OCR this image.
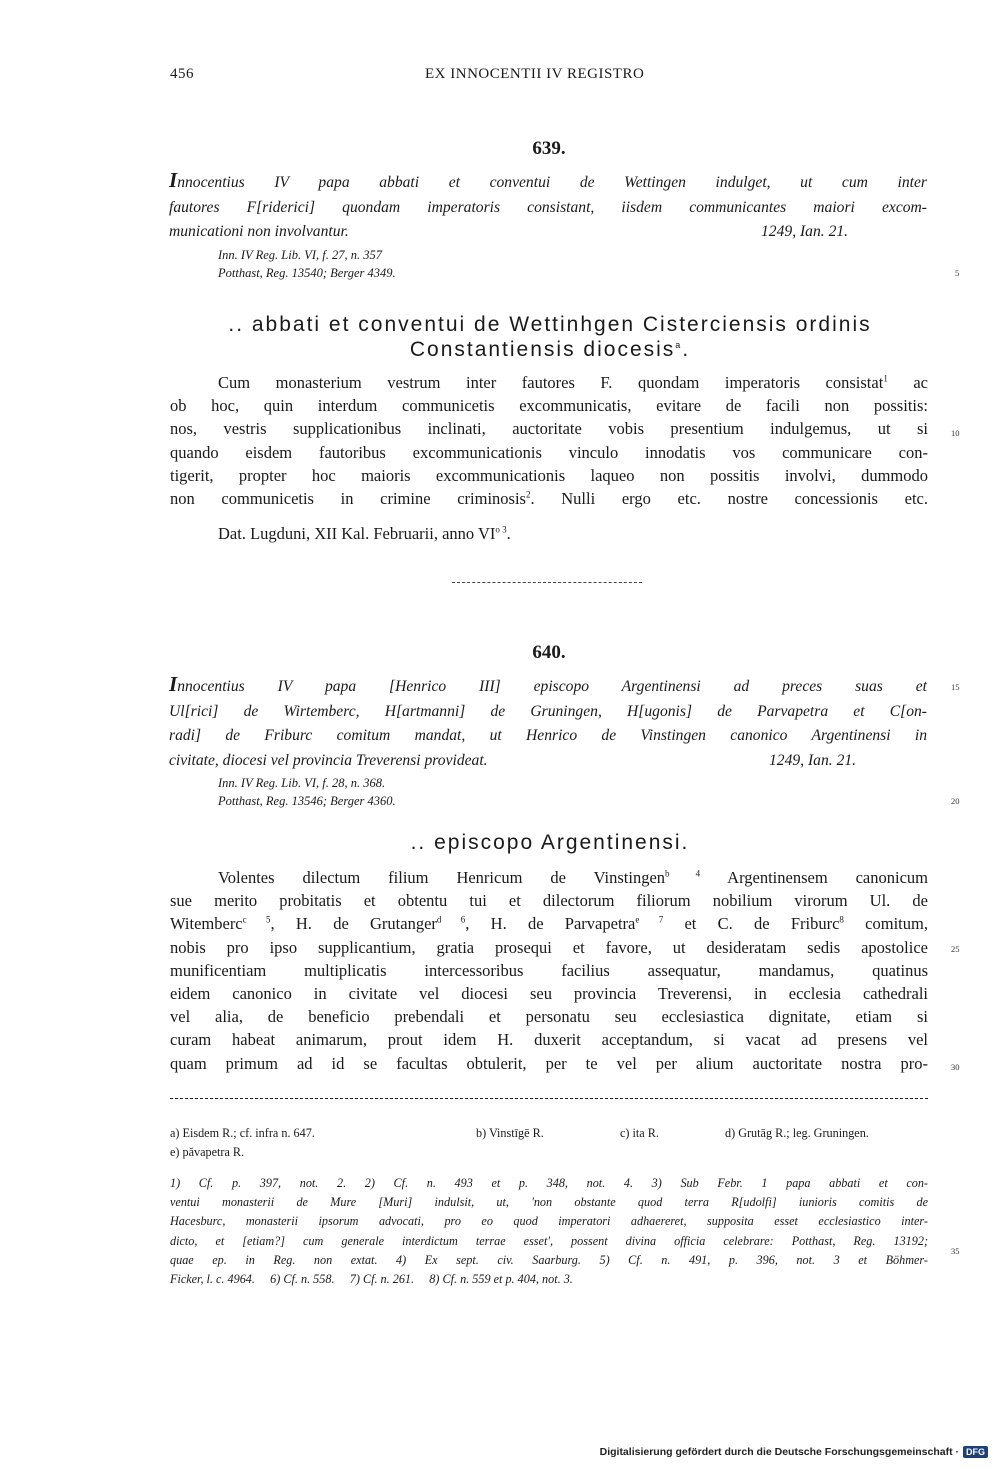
456	EX INNOCENTII IV REGISTRO
639.
Innocentius IV papa abbati et conventui de Wettingen indulget, ut cum inter
fautores F[riderici] quondam imperatoris consistant, iisdem communicantes maiori excom-
municationi non involvantur.	1249, Ian. 21.
Inn. IV Reg. Lib. VI, f. 27, n. 357
Potthast, Reg. 13540; Berger 4349.
.. abbati et conventui de Wettinhgen Cisterciensis ordinis
Constantiensis diocesis$^a$.
Cum monasterium vestrum inter fautores F. quondam imperatoris consistat$^1$ ac
ob hoc, quin interdum communicetis excommunicatis, evitare de facili non possitis:
nos, vestris supplicationibus inclinati, auctoritate vobis presentium indulgemus, ut si
quando eisdem fautoribus excommunicationis vinculo innodatis vos communicare con-
tigerit, propter hoc maioris excommunicationis laqueo non possitis involvi, dummodo
non communicetis in crimine criminosis$^2$. Nulli ergo etc. nostre concessionis etc.
Dat. Lugduni, XII Kal. Februarii, anno $VI^{o 3}$.
640.
Innocentius IV papa [Henrico III] episcopo Argentinensi ad preces suas et
Ul[rici] de Wirtemberc, H[artmanni] de Gruningen, H[ugonis] de Parvapetra et C[on-
radi] de Friburc comitum mandat, ut Henrico de Vinstingen canonico Argentinensi in
civitate, diocesi vel provincia Treverensi provideat.	1249, Ian. 21.
Inn. IV Reg. Lib. VI, f. 28, n. 368.
Potthast, Reg. 13546; Berger 4360.
.. episcopo Argentinensi.
Volentes dilectum filium Henricum de Vinstingen$^{b 4}$ Argentinensem canonicum
sue merito probitatis et obtentu tui et dilectorum filiorum nobilium virorum Ul. de
Witemberc$^{c 5}$, H. de Grutanger$^{d 6}$, H. de Parvapetra$^{e 7}$ et C. de Friburc$^8$ comitum,
nobis pro ipso supplicantium, gratia prosequi et favore, ut desideratam sedis apostolice
munificentiam multiplicatis intercessoribus facilius assequatur, mandamus, quatinus
eidem canonico in civitate vel diocesi seu provincia Treverensi, in ecclesia cathedrali
vel alia, de beneficio prebendali et personatu seu ecclesiastica dignitate, etiam si
curam habeat animarum, prout idem H. duxerit acceptandum, si vacat ad presens vel
quam primum ad id se facultas obtulerit, per te vel per alium auctoritate nostra pro-
a) Eisdem R.; cf. infra n. 647.	b) Vinstīgē R.	c) ita R.	d) Grutāg R.; leg. Gruningen.
e) pǎvapetra R.
1) Cf. p. 397, not. 2. 2) Cf. n. 493 et p. 348, not. 4. 3) Sub Febr. 1 papa abbati et con-
ventui monasterii de Mure [Muri] indulsit, ut, 'non obstante quod terra R[udolfi] iunioris comitis de
Hacesburc, monasterii ipsorum advocati, pro eo quod imperatori adhaereret, supposita esset ecclesiastico inter-
dicto, et [etiam?] cum generale interdictum terrae esset', possent divina officia celebrare: Potthast, Reg. 13192;
quae ep. in Reg. non extat. 4) Ex sept. civ. Saarburg. 5) Cf. n. 491, p. 396, not. 3 et Böhmer-
Ficker, l. c. 4964.     6) Cf. n. 558.     7) Cf. n. 261.     8) Cf. n. 559 et p. 404, not. 3.
5
10
15
20
25
30
35
Digitalisierung gefördert durch die Deutsche Forschungsgemeinschaft · DFG
